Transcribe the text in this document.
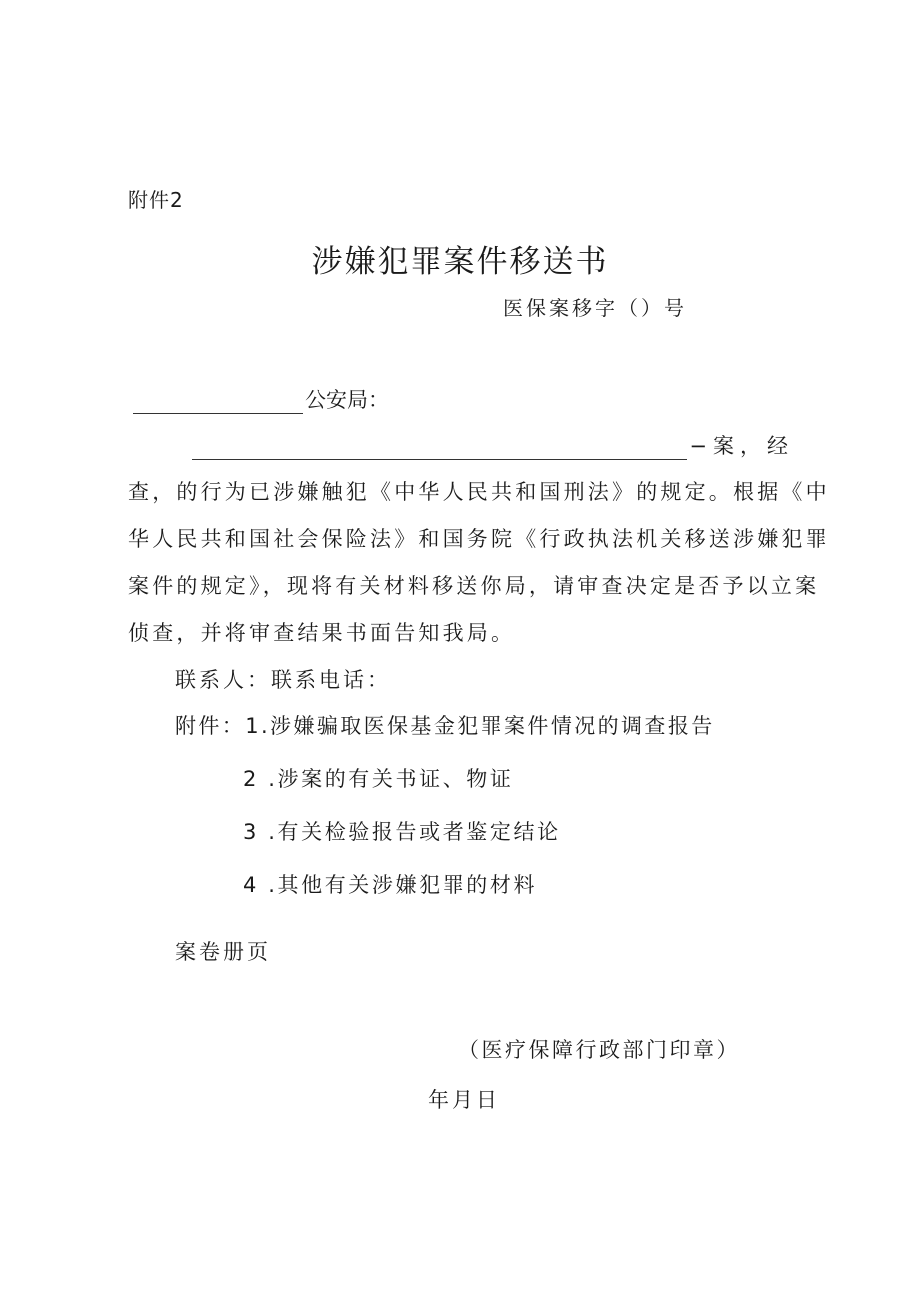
附件2
涉嫌犯罪案件移送书
医保案移字（）号
公安局：
−案，经
查，的行为已涉嫌触犯《中华人民共和国刑法》的规定。根据《中
华人民共和国社会保险法》和国务院《行政执法机关移送涉嫌犯罪
案件的规定》，现将有关材料移送你局，请审查决定是否予以立案
侦查，并将审查结果书面告知我局。
联系人：联系电话：
附件：1.涉嫌骗取医保基金犯罪案件情况的调查报告
2 .涉案的有关书证、物证
3 .有关检验报告或者鉴定结论
4 .其他有关涉嫌犯罪的材料
案卷册页
（医疗保障行政部门印章）
年月日
